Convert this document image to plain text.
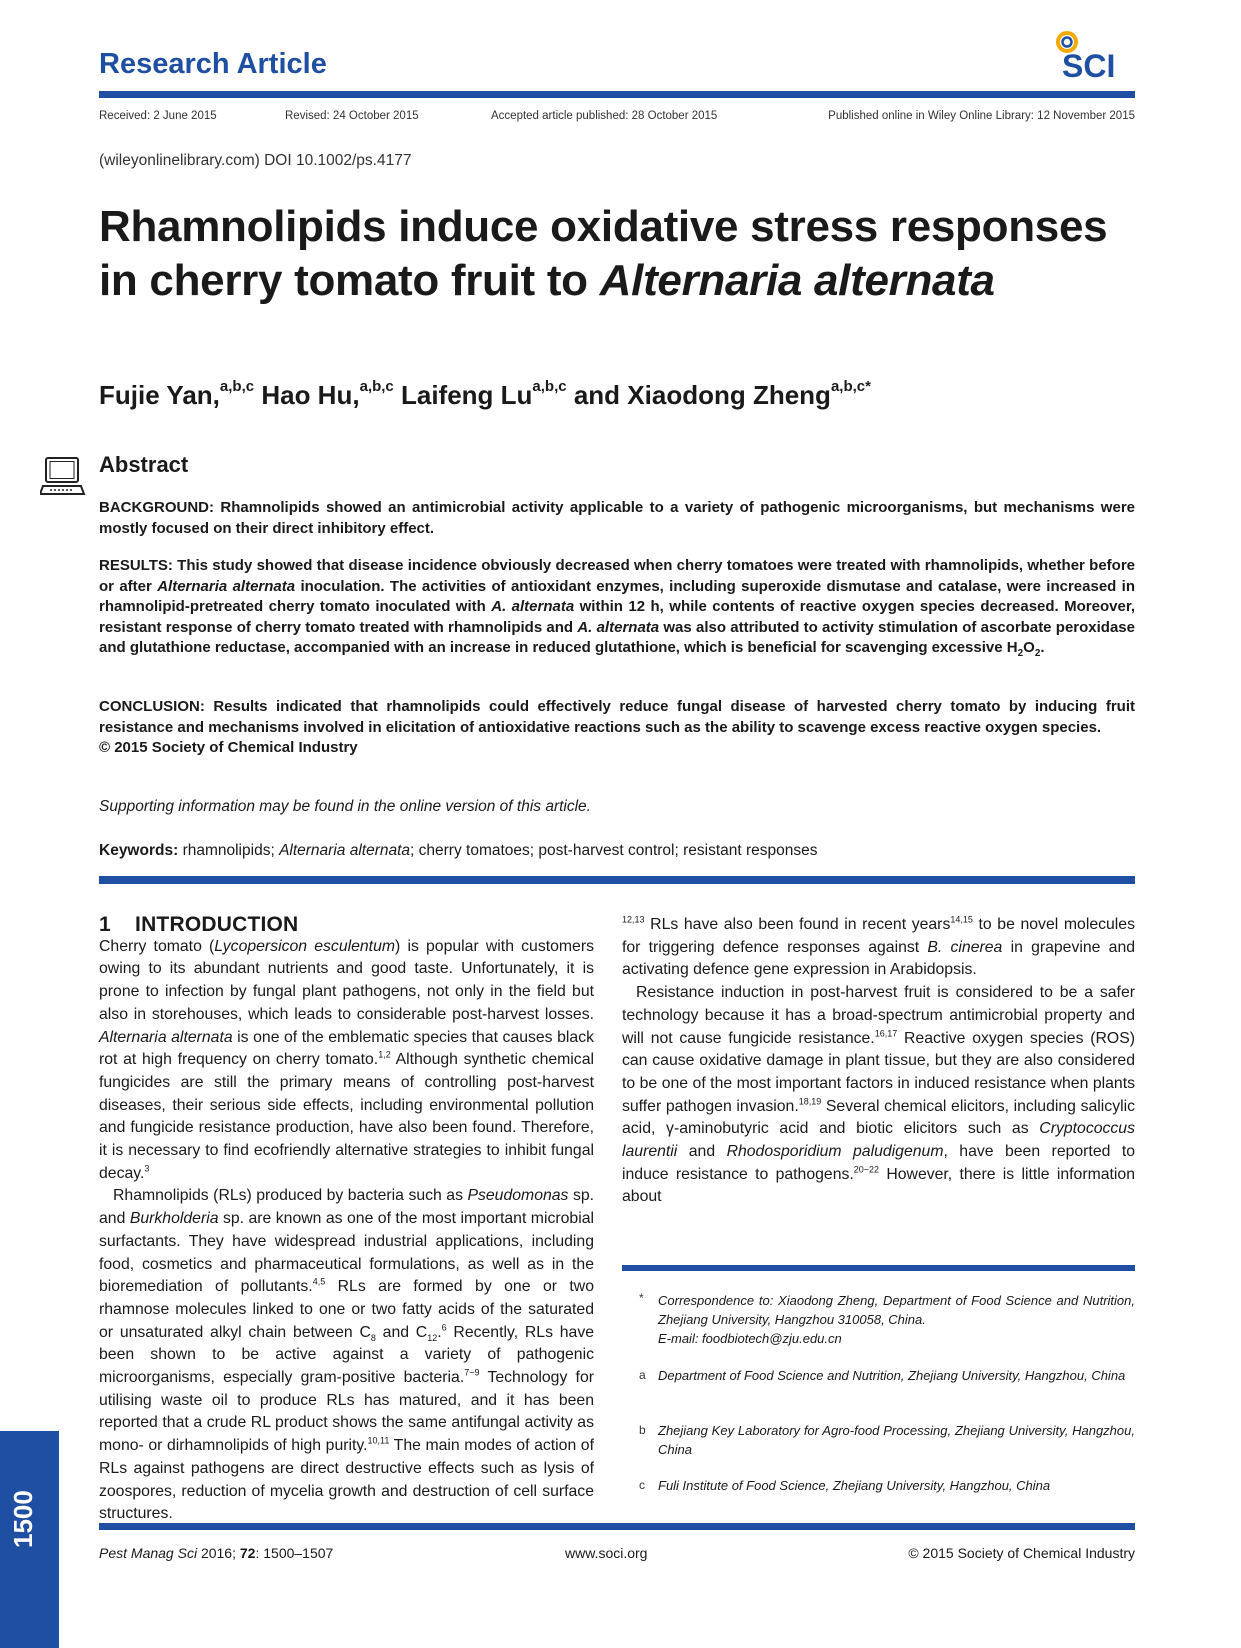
Research Article	SCI
Received: 2 June 2015	Revised: 24 October 2015	Accepted article published: 28 October 2015	Published online in Wiley Online Library: 12 November 2015
(wileyonlinelibrary.com) DOI 10.1002/ps.4177
Rhamnolipids induce oxidative stress responses in cherry tomato fruit to Alternaria alternata
Fujie Yan,$^{a,b,c}$ Hao Hu,$^{a,b,c}$ Laifeng Lu$^{a,b,c}$ and Xiaodong Zheng$^{a,b,c*}$
Abstract
BACKGROUND: Rhamnolipids showed an antimicrobial activity applicable to a variety of pathogenic microorganisms, but mechanisms were mostly focused on their direct inhibitory effect.
RESULTS: This study showed that disease incidence obviously decreased when cherry tomatoes were treated with rhamnolipids, whether before or after Alternaria alternata inoculation. The activities of antioxidant enzymes, including superoxide dismutase and catalase, were increased in rhamnolipid-pretreated cherry tomato inoculated with A. alternata within 12 h, while contents of reactive oxygen species decreased. Moreover, resistant response of cherry tomato treated with rhamnolipids and A. alternata was also attributed to activity stimulation of ascorbate peroxidase and glutathione reductase, accompanied with an increase in reduced glutathione, which is beneficial for scavenging excessive $H_2O_2$.
CONCLUSION: Results indicated that rhamnolipids could effectively reduce fungal disease of harvested cherry tomato by inducing fruit resistance and mechanisms involved in elicitation of antioxidative reactions such as the ability to scavenge excess reactive oxygen species.
© 2015 Society of Chemical Industry
Supporting information may be found in the online version of this article.
Keywords: rhamnolipids; Alternaria alternata; cherry tomatoes; post-harvest control; resistant responses
1 INTRODUCTION

Cherry tomato (Lycopersicon esculentum) is popular with customers owing to its abundant nutrients and good taste. Unfortunately, it is prone to infection by fungal plant pathogens, not only in the field but also in storehouses, which leads to considerable post-harvest losses. Alternaria alternata is one of the emblematic species that causes black rot at high frequency on cherry tomato.$^{1,2}$ Although synthetic chemical fungicides are still the primary means of controlling post-harvest diseases, their serious side effects, including environmental pollution and fungicide resistance production, have also been found. Therefore, it is necessary to find ecofriendly alternative strategies to inhibit fungal decay.$^3$

Rhamnolipids (RLs) produced by bacteria such as Pseudomonas sp. and Burkholderia sp. are known as one of the most important microbial surfactants. They have widespread industrial applications, including food, cosmetics and pharmaceutical formulations, as well as in the bioremediation of pollutants.$^{4,5}$ RLs are formed by one or two rhamnose molecules linked to one or two fatty acids of the saturated or unsaturated alkyl chain between $C_8$ and $C_{12}.^6$ Recently, RLs have been shown to be active against a variety of pathogenic microorganisms, especially gram-positive bacteria.$^{7-9}$ Technology for utilising waste oil to produce RLs has matured, and it has been reported that a crude RL product shows the same antifungal activity as mono- or dirhamnolipids of high purity.$^{10,11}$ The main modes of action of RLs against pathogens are direct destructive effects such as lysis of zoospores, reduction of mycelia growth and destruction of cell surface structures.

$^{12,13}$ RLs have also been found in recent years$^{14,15}$ to be novel molecules for triggering defence responses against B. cinerea in grapevine and activating defence gene expression in Arabidopsis.

Resistance induction in post-harvest fruit is considered to be a safer technology because it has a broad-spectrum antimicrobial property and will not cause fungicide resistance.$^{16,17}$ Reactive oxygen species (ROS) can cause oxidative damage in plant tissue, but they are also considered to be one of the most important factors in induced resistance when plants suffer pathogen invasion.$^{18,19}$ Several chemical elicitors, including salicylic acid, γ-aminobutyric acid and biotic elicitors such as Cryptococcus laurentii and Rhodosporidium paludigenum, have been reported to induce resistance to pathogens.$^{20-22}$ However, there is little information about

* Correspondence to: Xiaodong Zheng, Department of Food Science and Nutrition, Zhejiang University, Hangzhou 310058, China.
E-mail: foodbiotech@zju.edu.cn
a Department of Food Science and Nutrition, Zhejiang University, Hangzhou, China
b Zhejiang Key Laboratory for Agro-food Processing, Zhejiang University, Hangzhou, China
c Fuli Institute of Food Science, Zhejiang University, Hangzhou, China
Pest Manag Sci 2016; 72: 1500–1507	www.soci.org	© 2015 Society of Chemical Industry
1500
